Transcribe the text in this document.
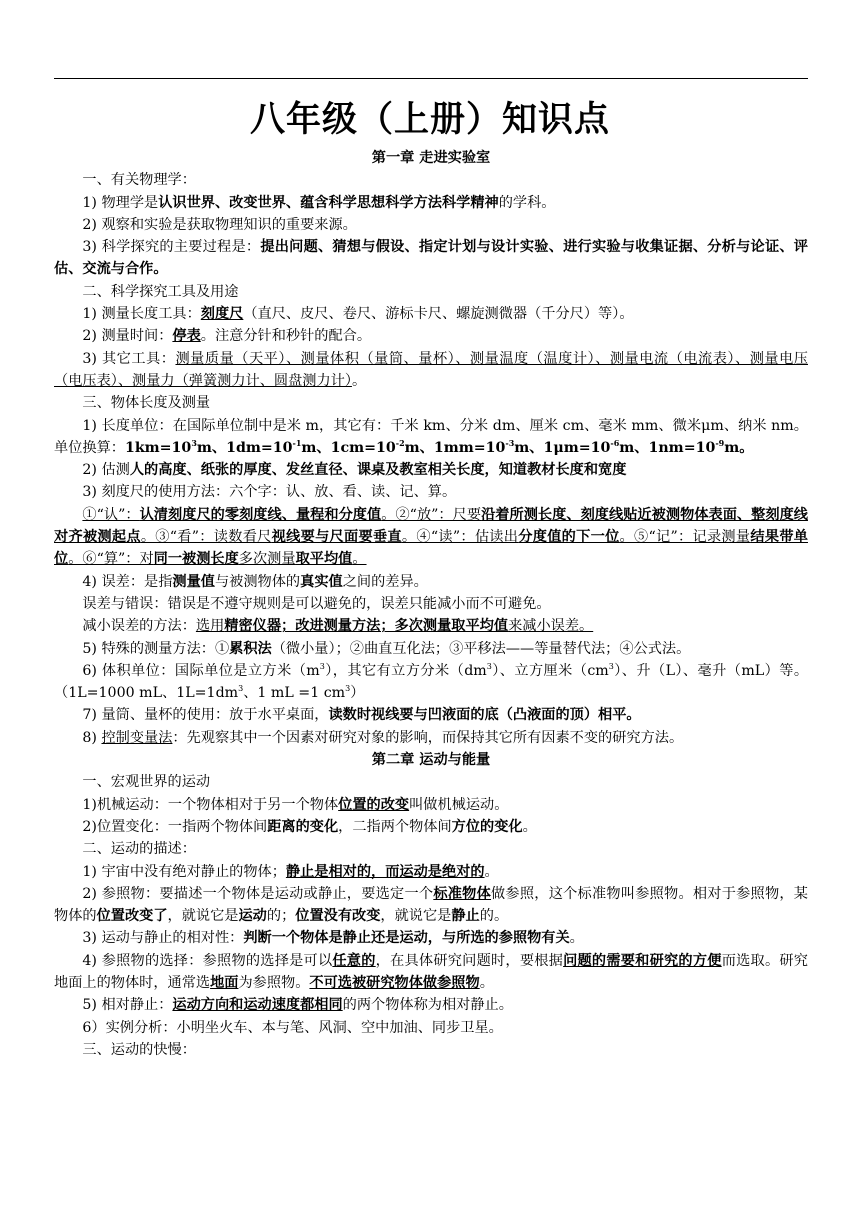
八年级（上册）知识点

第一章 走进实验室

一、有关物理学：

1) 物理学是认识世界、改变世界、蕴含科学思想科学方法科学精神的学科。

2) 观察和实验是获取物理知识的重要来源。

3) 科学探究的主要过程是：提出问题、猜想与假设、指定计划与设计实验、进行实验与收集证据、分析与论证、评估、交流与合作。

二、科学探究工具及用途

1) 测量长度工具：刻度尺（直尺、皮尺、卷尺、游标卡尺、螺旋测微器（千分尺）等）。

2) 测量时间：停表。注意分针和秒针的配合。

3) 其它工具：测量质量（天平）、测量体积（量筒、量杯）、测量温度（温度计）、测量电流（电流表）、测量电压（电压表）、测量力（弹簧测力计、圆盘测力计）。

三、物体长度及测量

1) 长度单位：在国际单位制中是米 m，其它有：千米 km、分米 dm、厘米 cm、毫米 mm、微米μm、纳米 nm。单位换算：$1km=10^3m$、$1dm=10^{-1}m$、$1cm=10^{-2}m$、$1mm=10^{-3}m$、$1\mu m=10^{-6}m$、$1nm=10^{-9}m$。

2) 估测人的高度、纸张的厚度、发丝直径、课桌及教室相关长度，知道教材长度和宽度

3) 刻度尺的使用方法：六个字：认、放、看、读、记、算。

①“认”：认清刻度尺的零刻度线、量程和分度值。②“放”：尺要沿着所测长度、刻度线贴近被测物体表面、整刻度线对齐被测起点。③“看”：读数看尺视线要与尺面要垂直。④“读”：估读出分度值的下一位。⑤“记”：记录测量结果带单位。⑥“算”：对同一被测长度多次测量取平均值。

4) 误差：是指测量值与被测物体的真实值之间的差异。

误差与错误：错误是不遵守规则是可以避免的，误差只能减小而不可避免。

减小误差的方法：选用精密仪器；改进测量方法；多次测量取平均值来减小误差。

5) 特殊的测量方法：①累积法（微小量）；②曲直互化法；③平移法——等量替代法；④公式法。

6) 体积单位：国际单位是立方米$(m^3)$，其它有立方分米$(dm^3)$、立方厘米$(cm^3)$、升（L）、毫升（mL）等。（1L=1000 mL、$1L=1dm^3$、1 mL =1 $cm^3$）

7) 量筒、量杯的使用：放于水平桌面，读数时视线要与凹液面的底（凸液面的顶）相平。

8) 控制变量法：先观察其中一个因素对研究对象的影响，而保持其它所有因素不变的研究方法。

第二章 运动与能量

一、宏观世界的运动

1)机械运动：一个物体相对于另一个物体位置的改变叫做机械运动。

2)位置变化：一指两个物体间距离的变化，二指两个物体间方位的变化。

二、运动的描述：

1) 宇宙中没有绝对静止的物体；静止是相对的，而运动是绝对的。

2) 参照物：要描述一个物体是运动或静止，要选定一个标准物体做参照，这个标准物叫参照物。相对于参照物，某物体的位置改变了，就说它是运动的；位置没有改变，就说它是静止的。

3) 运动与静止的相对性：判断一个物体是静止还是运动，与所选的参照物有关。

4) 参照物的选择：参照物的选择是可以任意的，在具体研究问题时，要根据问题的需要和研究的方便而选取。研究地面上的物体时，通常选地面为参照物。不可选被研究物体做参照物。

5) 相对静止：运动方向和运动速度都相同的两个物体称为相对静止。

6）实例分析：小明坐火车、本与笔、风洞、空中加油、同步卫星。

三、运动的快慢：
